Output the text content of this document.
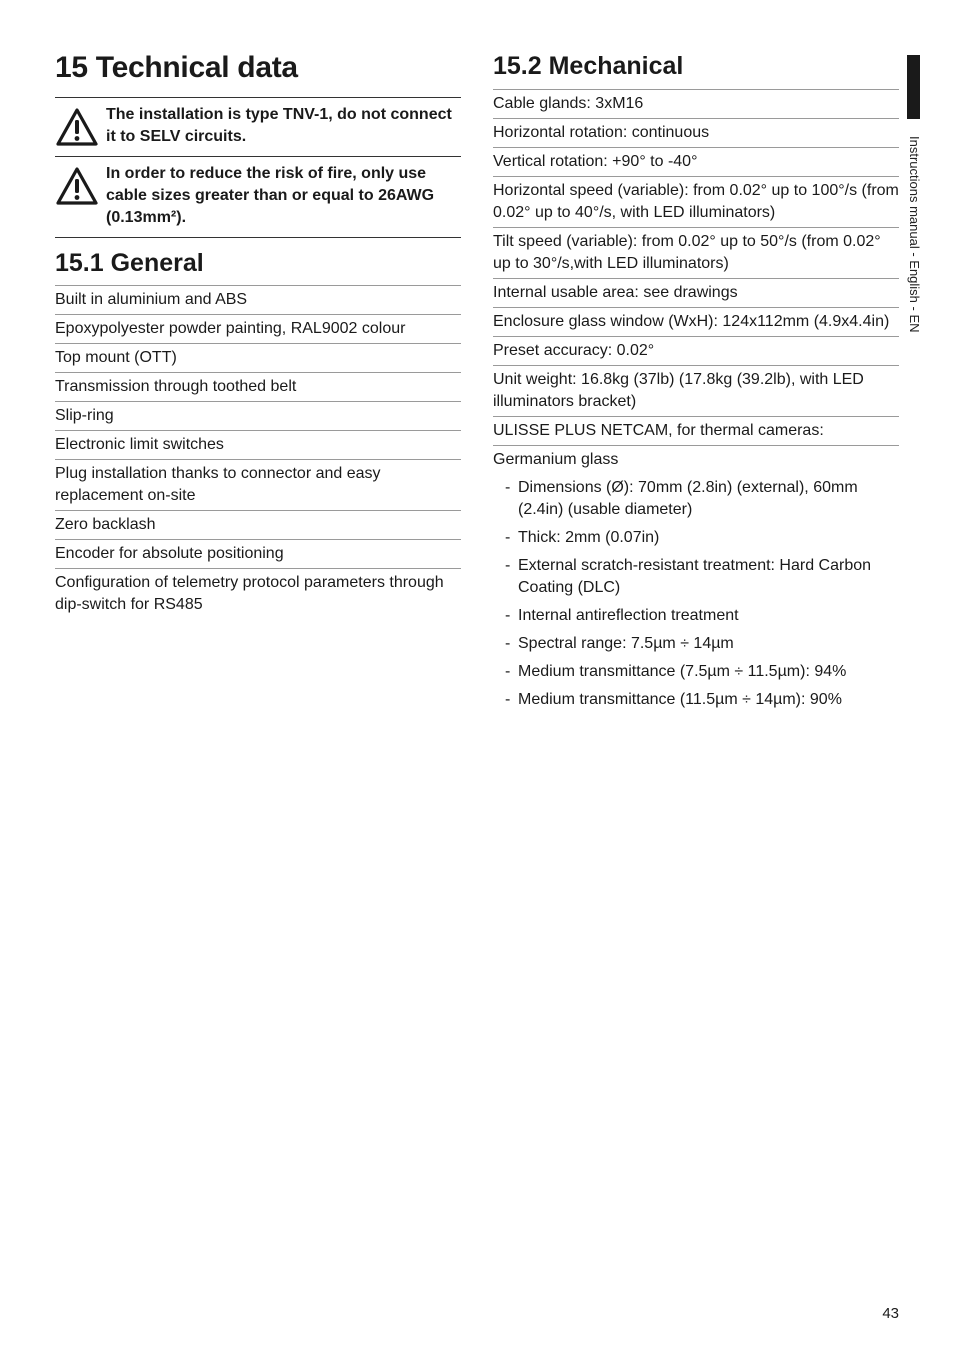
15 Technical data
The installation is type TNV-1, do not connect it to SELV circuits.
In order to reduce the risk of fire, only use cable sizes greater than or equal to 26AWG (0.13mm²).
15.1 General
Built in aluminium and ABS
Epoxypolyester powder painting, RAL9002 colour
Top mount (OTT)
Transmission through toothed belt
Slip-ring
Electronic limit switches
Plug installation thanks to connector and easy replacement on-site
Zero backlash
Encoder for absolute positioning
Configuration of telemetry protocol parameters through dip-switch for RS485
15.2 Mechanical
Cable glands: 3xM16
Horizontal rotation: continuous
Vertical rotation: +90° to -40°
Horizontal speed (variable): from 0.02° up to 100°/s (from 0.02° up to 40°/s, with LED illuminators)
Tilt speed (variable): from 0.02° up to 50°/s (from 0.02° up to 30°/s,with LED illuminators)
Internal usable area: see drawings
Enclosure glass window (WxH): 124x112mm (4.9x4.4in)
Preset accuracy: 0.02°
Unit weight: 16.8kg (37lb) (17.8kg (39.2lb), with LED illuminators bracket)
ULISSE PLUS NETCAM, for thermal cameras:
Germanium glass
- Dimensions (Ø): 70mm (2.8in) (external), 60mm (2.4in) (usable diameter)
- Thick: 2mm (0.07in)
- External scratch-resistant treatment: Hard Carbon Coating (DLC)
- Internal antireflection treatment
- Spectral range: 7.5µm ÷ 14µm
- Medium transmittance (7.5µm ÷ 11.5µm): 94%
- Medium transmittance (11.5µm ÷ 14µm): 90%
Instructions manual - English - EN
43
